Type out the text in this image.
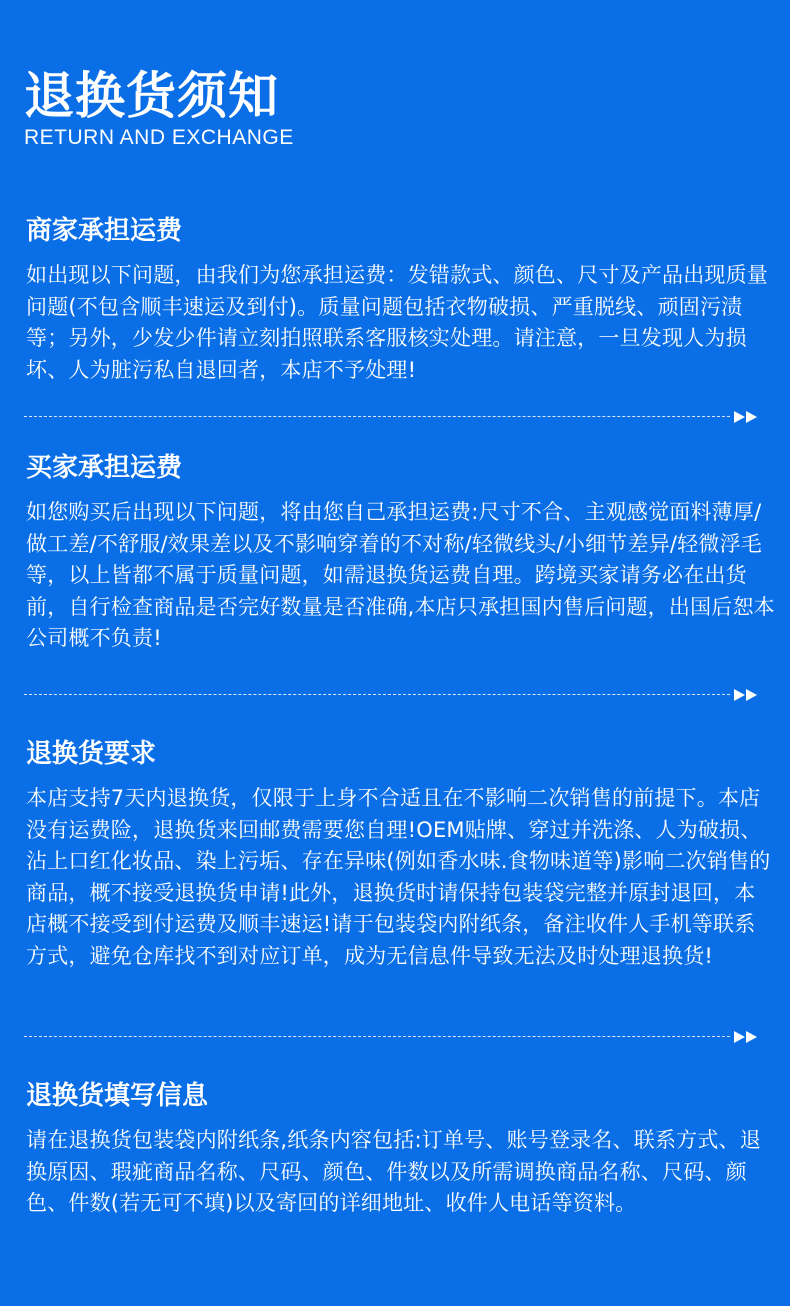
退换货须知
RETURN AND EXCHANGE
商家承担运费
如出现以下问题，由我们为您承担运费：发错款式、颜色、尺寸及产品出现质量问题(不包含顺丰速运及到付)。质量问题包括衣物破损、严重脱线、顽固污渍等；另外，少发少件请立刻拍照联系客服核实处理。请注意，一旦发现人为损坏、人为脏污私自退回者，本店不予处理!
买家承担运费
如您购买后出现以下问题，将由您自己承担运费:尺寸不合、主观感觉面料薄厚/做工差/不舒服/效果差以及不影响穿着的不对称/轻微线头/小细节差异/轻微浮毛等，以上皆都不属于质量问题，如需退换货运费自理。跨境买家请务必在出货前，自行检查商品是否完好数量是否准确,本店只承担国内售后问题，出国后恕本公司概不负责!
退换货要求
本店支持7天内退换货，仅限于上身不合适且在不影响二次销售的前提下。本店没有运费险，退换货来回邮费需要您自理!OEM贴牌、穿过并洗涤、人为破损、沾上口红化妆品、染上污垢、存在异味(例如香水味.食物味道等)影响二次销售的商品，概不接受退换货申请!此外，退换货时请保持包装袋完整并原封退回，本店概不接受到付运费及顺丰速运!请于包装袋内附纸条，备注收件人手机等联系方式，避免仓库找不到对应订单，成为无信息件导致无法及时处理退换货!
退换货填写信息
请在退换货包装袋内附纸条,纸条内容包括:订单号、账号登录名、联系方式、退换原因、瑕疵商品名称、尺码、颜色、件数以及所需调换商品名称、尺码、颜色、件数(若无可不填)以及寄回的详细地址、收件人电话等资料。
